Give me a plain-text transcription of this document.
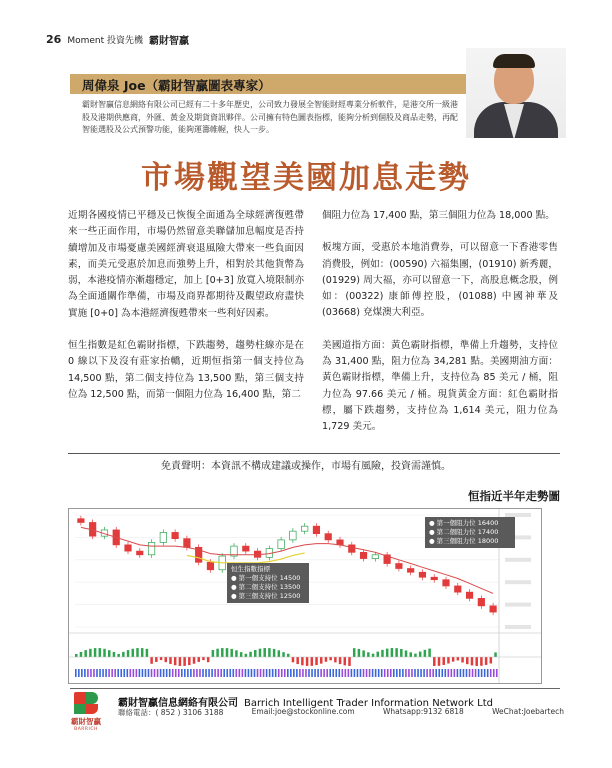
26 Moment 投資先機 霸財智贏
周偉泉 Joe（霸財智贏圖表專家）
霸財智贏信息網絡有限公司已經有二十多年歷史，公司致力發展全智能財經專業分析軟件，是港交所一級港股及港期供應商，外匯、黃金及期貨資訊夥伴。公司擁有特色圖表指標，能夠分析到個股及商品走勢，再配智能選股及公式預警功能，能夠運籌帷幄，快人一步。
市場觀望美國加息走勢

近期各國疫情已平穩及已恢復全面通為全球經濟復甦帶來一些正面作用，市場仍然留意美聯儲加息幅度是否持續增加及市場憂慮美國經濟衰退風險大帶來一些負面因素，而美元受惠於加息而強勢上升，相對於其他貨幣為弱，本港疫情亦漸趨穩定，加上 [0+3] 放寬入境限制亦為全面通關作準備，市場及商界都期待及觀望政府盡快實施 [0+0] 為本港經濟復甦帶來一些利好因素。

恒生指數是紅色霸財指標，下跌趨勢，趨勢柱線亦是在 0 線以下及沒有莊家抬轎，近期恒指第一個支持位為 14,500 點，第二個支持位為 13,500 點，第三個支持位為 12,500 點，而第一個阻力位為 16,400 點，第二

個阻力位為 17,400 點，第三個阻力位為 18,000 點。

板塊方面，受惠於本地消費券，可以留意一下香港零售消費股，例如：(00590) 六福集團，(01910) 新秀麗，(01929) 周大福，亦可以留意一下，高股息概念股，例如：(00322) 康師傅控股，(01088) 中國神華及 (03668) 兗煤澳大利亞。

美國道指方面：黃色霸財指標，準備上升趨勢，支持位為 31,400 點，阻力位為 34,281 點。美國期油方面：黃色霸財指標，準備上升，支持位為 85 美元 / 桶，阻力位為 97.66 美元 / 桶。現貨黃金方面：紅色霸財指標，屬下跌趨勢，支持位為 1,614 美元，阻力位為 1,729 美元。

免責聲明：本資訊不構成建議或操作，市場有風險，投資需謹慎。
恒指近半年走勢圖
● 第一個阻力位 16400
● 第二個阻力位 17400
● 第三個阻力位 18000
恒生指數指標
● 第一個支持位 14500
● 第二個支持位 13500
● 第三個支持位 12500
霸財智贏
BARRICH
霸財智贏信息網絡有限公司 Barrich Intelligent Trader Information Network Ltd
聯絡電話：( 852 ) 3106 3188	Email:joe@stockonline.com	Whatsapp:9132 6818	WeChat:Joebartech
